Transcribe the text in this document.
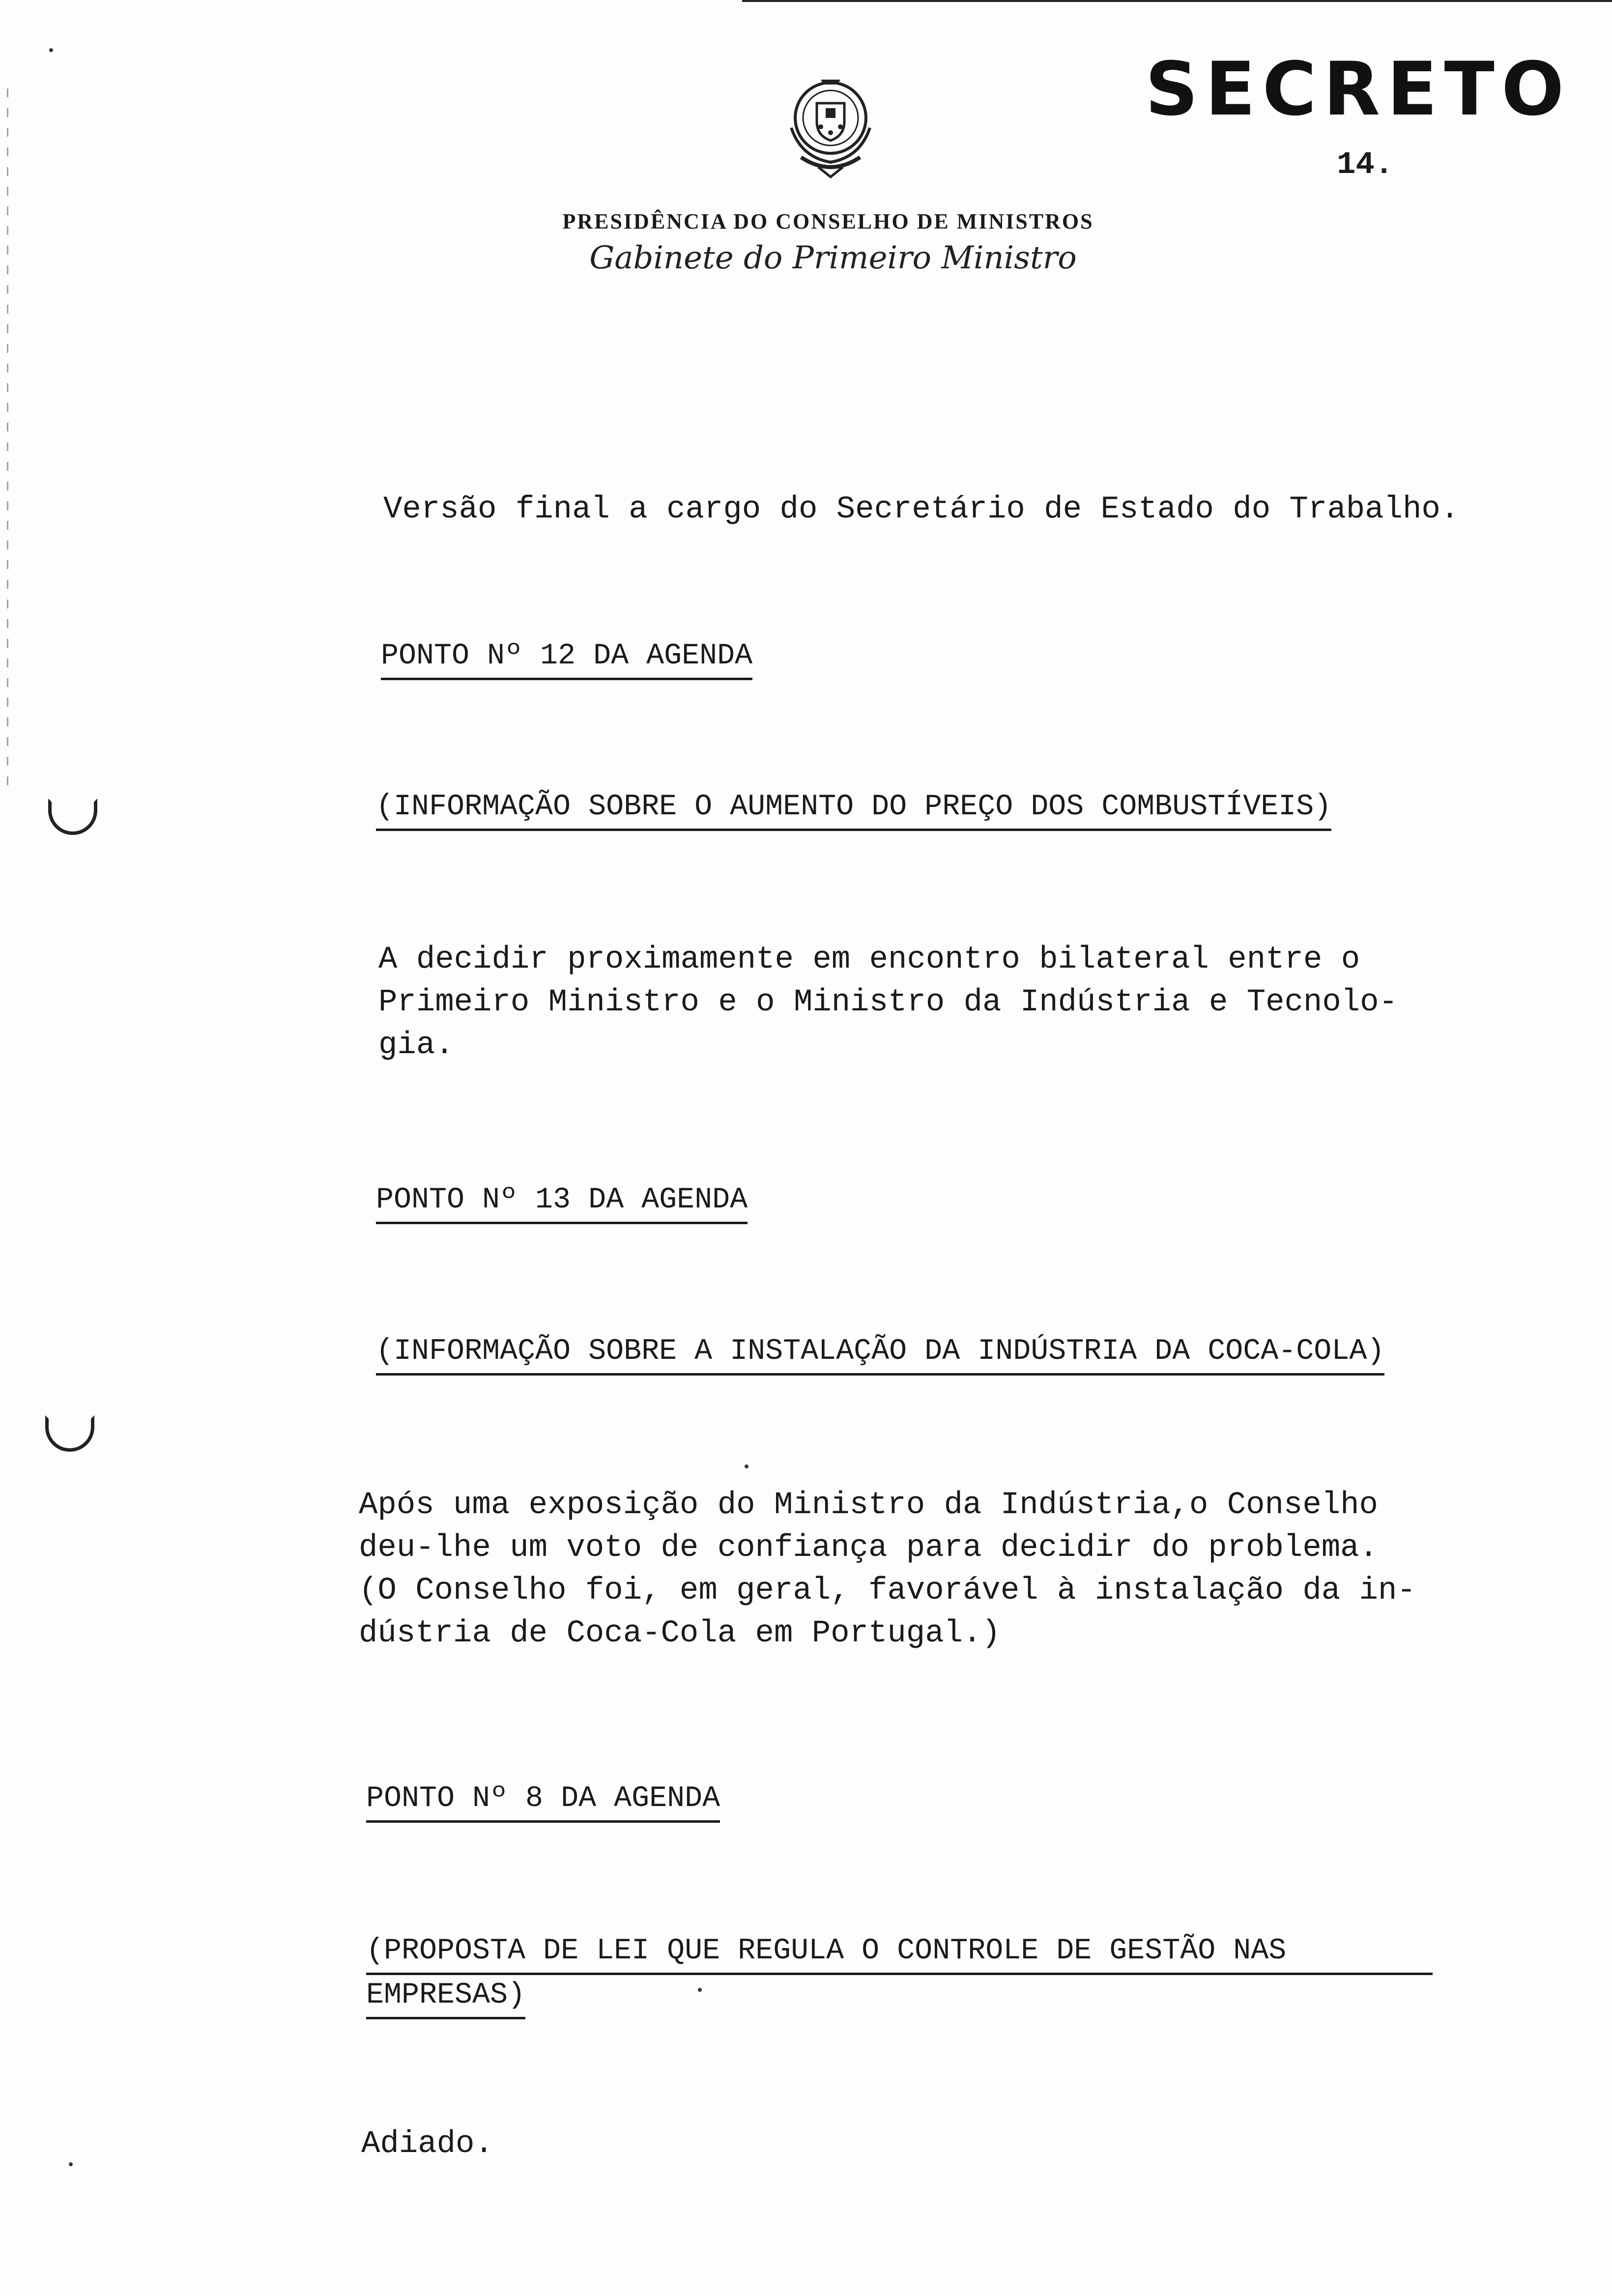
SECRETO
14.
PRESIDÊNCIA DO CONSELHO DE MINISTROS
Gabinete do Primeiro Ministro
Versão final a cargo do Secretário de Estado do Trabalho.
PONTO Nº 12 DA AGENDA
(INFORMAÇÃO SOBRE O AUMENTO DO PREÇO DOS COMBUSTÍVEIS)
A decidir proximamente em encontro bilateral entre o
Primeiro Ministro e o Ministro da Indústria e Tecnolo-
gia.
PONTO Nº 13 DA AGENDA
(INFORMAÇÃO SOBRE A INSTALAÇÃO DA INDÚSTRIA DA COCA-COLA)
Após uma exposição do Ministro da Indústria,o Conselho
deu-lhe um voto de confiança para decidir do problema.
(O Conselho foi, em geral, favorável à instalação da in-
dústria de Coca-Cola em Portugal.)
PONTO Nº 8 DA AGENDA
(PROPOSTA DE LEI QUE REGULA O CONTROLE DE GESTÃO NAS
EMPRESAS)
Adiado.
